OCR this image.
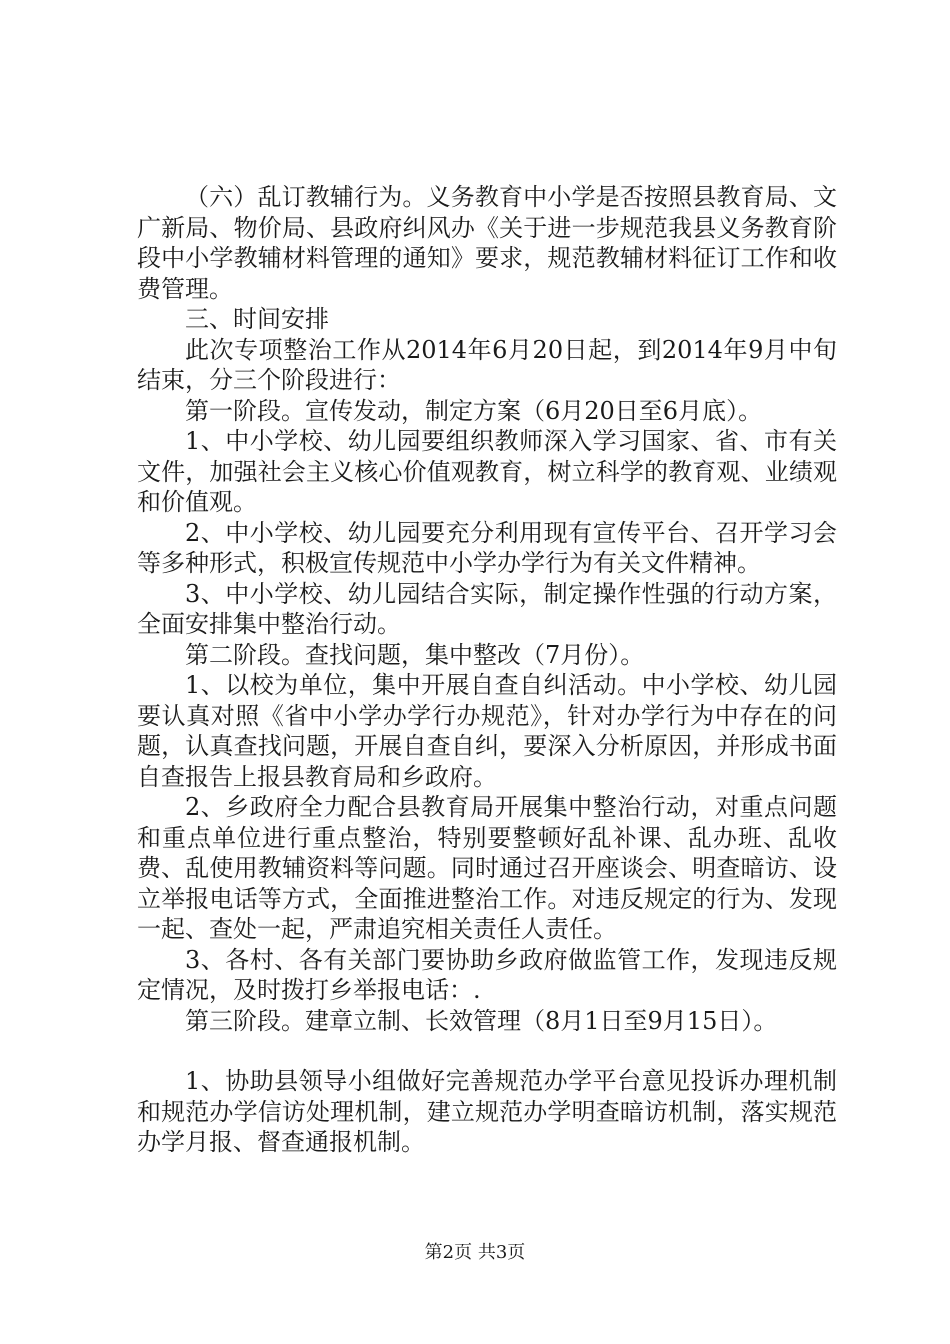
（六）乱订教辅行为。义务教育中小学是否按照县教育局、文广新局、物价局、县政府纠风办《关于进一步规范我县义务教育阶段中小学教辅材料管理的通知》要求，规范教辅材料征订工作和收费管理。

三、时间安排

此次专项整治工作从2014年6月20日起，到2014年9月中旬结束，分三个阶段进行：

第一阶段。宣传发动，制定方案（6月20日至6月底）。

1、中小学校、幼儿园要组织教师深入学习国家、省、市有关文件，加强社会主义核心价值观教育，树立科学的教育观、业绩观和价值观。

2、中小学校、幼儿园要充分利用现有宣传平台、召开学习会等多种形式，积极宣传规范中小学办学行为有关文件精神。

3、中小学校、幼儿园结合实际，制定操作性强的行动方案，全面安排集中整治行动。

第二阶段。查找问题，集中整改（7月份）。

1、以校为单位，集中开展自查自纠活动。中小学校、幼儿园要认真对照《省中小学办学行办规范》，针对办学行为中存在的问题，认真查找问题，开展自查自纠，要深入分析原因，并形成书面自查报告上报县教育局和乡政府。

2、乡政府全力配合县教育局开展集中整治行动，对重点问题和重点单位进行重点整治，特别要整顿好乱补课、乱办班、乱收费、乱使用教辅资料等问题。同时通过召开座谈会、明查暗访、设立举报电话等方式，全面推进整治工作。对违反规定的行为、发现一起、查处一起，严肃追究相关责任人责任。

3、各村、各有关部门要协助乡政府做监管工作，发现违反规定情况，及时拨打乡举报电话：.

第三阶段。建章立制、长效管理（8月1日至9月15日）。

1、协助县领导小组做好完善规范办学平台意见投诉办理机制和规范办学信访处理机制，建立规范办学明查暗访机制，落实规范办学月报、督查通报机制。

第2页 共3页
